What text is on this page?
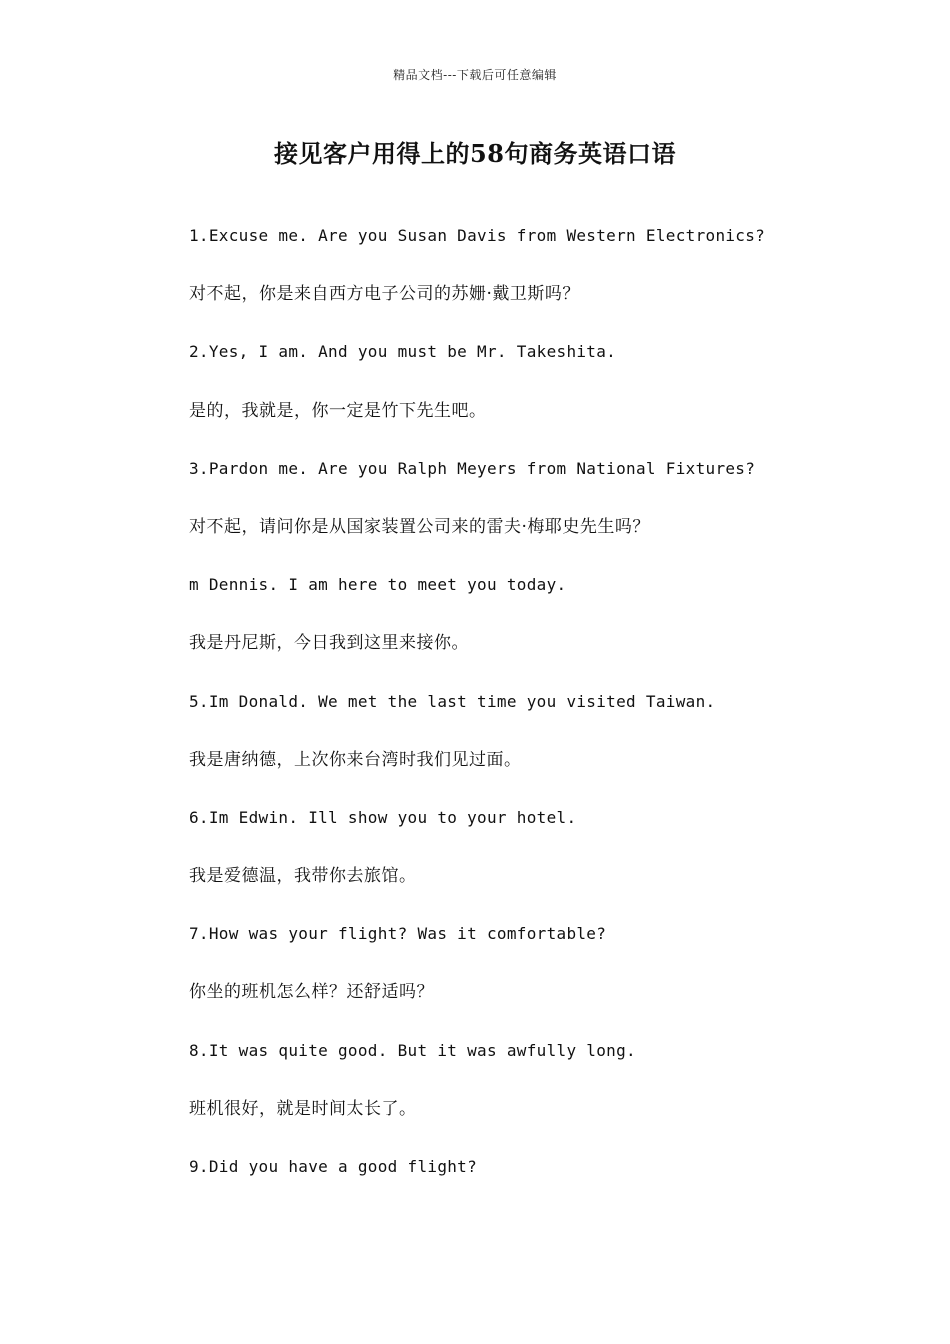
精品文档---下载后可任意编辑
接见客户用得上的58句商务英语口语
1.Excuse me. Are you Susan Davis from Western Electronics?
对不起，你是来自西方电子公司的苏姗·戴卫斯吗？
2.Yes, I am. And you must be Mr. Takeshita.
是的，我就是，你一定是竹下先生吧。
3.Pardon me. Are you Ralph Meyers from National Fixtures?
对不起，请问你是从国家装置公司来的雷夫·梅耶史先生吗？
m Dennis. I am here to meet you today.
我是丹尼斯，今日我到这里来接你。
5.Im Donald. We met the last time you visited Taiwan.
我是唐纳德，上次你来台湾时我们见过面。
6.Im Edwin. Ill show you to your hotel.
我是爱德温，我带你去旅馆。
7.How was your flight? Was it comfortable?
你坐的班机怎么样？还舒适吗？
8.It was quite good. But it was awfully long.
班机很好，就是时间太长了。
9.Did you have a good flight?
